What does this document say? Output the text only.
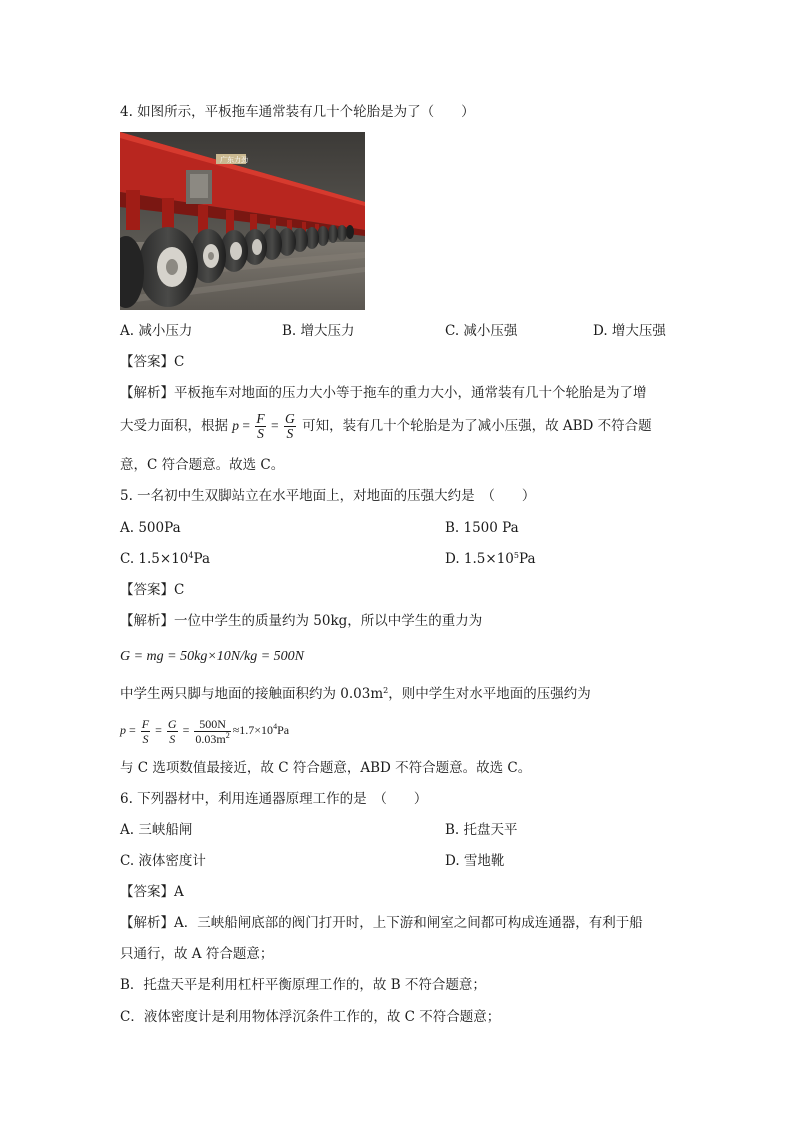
4. 如图所示，平板拖车通常装有几十个轮胎是为了（　　）
广东力劲
A. 减小压力	B. 增大压力	C. 减小压强	D. 增大压强
【答案】C
【解析】平板拖车对地面的压力大小等于拖车的重力大小，通常装有几十个轮胎是为了增
大受力面积，根据 $p = \frac{F}{S} = \frac{G}{S}$ 可知，装有几十个轮胎是为了减小压强，故 ABD 不符合题
意，C 符合题意。故选 C。
5. 一名初中生双脚站立在水平地面上，对地面的压强大约是　（　　）
A. 500Pa	B. 1500 Pa
C. $1.5\times 10^4Pa$	D. $1.5\times 10^5Pa$
【答案】C
【解析】一位中学生的质量约为 50kg，所以中学生的重力为
G = mg = 50kg×10N/kg = 500N
中学生两只脚与地面的接触面积约为 $0.03m^2$，则中学生对水平地面的压强约为
$p = \frac{F}{S} = \frac{G}{S} = \frac{500N}{0.03m^2} \approx 1.7\times 10^4Pa$
与 C 选项数值最接近，故 C 符合题意，ABD 不符合题意。故选 C。
6. 下列器材中，利用连通器原理工作的是　（　　）
A. 三峡船闸	B. 托盘天平
C. 液体密度计	D. 雪地靴
【答案】A
【解析】A．三峡船闸底部的阀门打开时，上下游和闸室之间都可构成连通器，有利于船
只通行，故 A 符合题意；
B．托盘天平是利用杠杆平衡原理工作的，故 B 不符合题意；
C．液体密度计是利用物体浮沉条件工作的，故 C 不符合题意；
